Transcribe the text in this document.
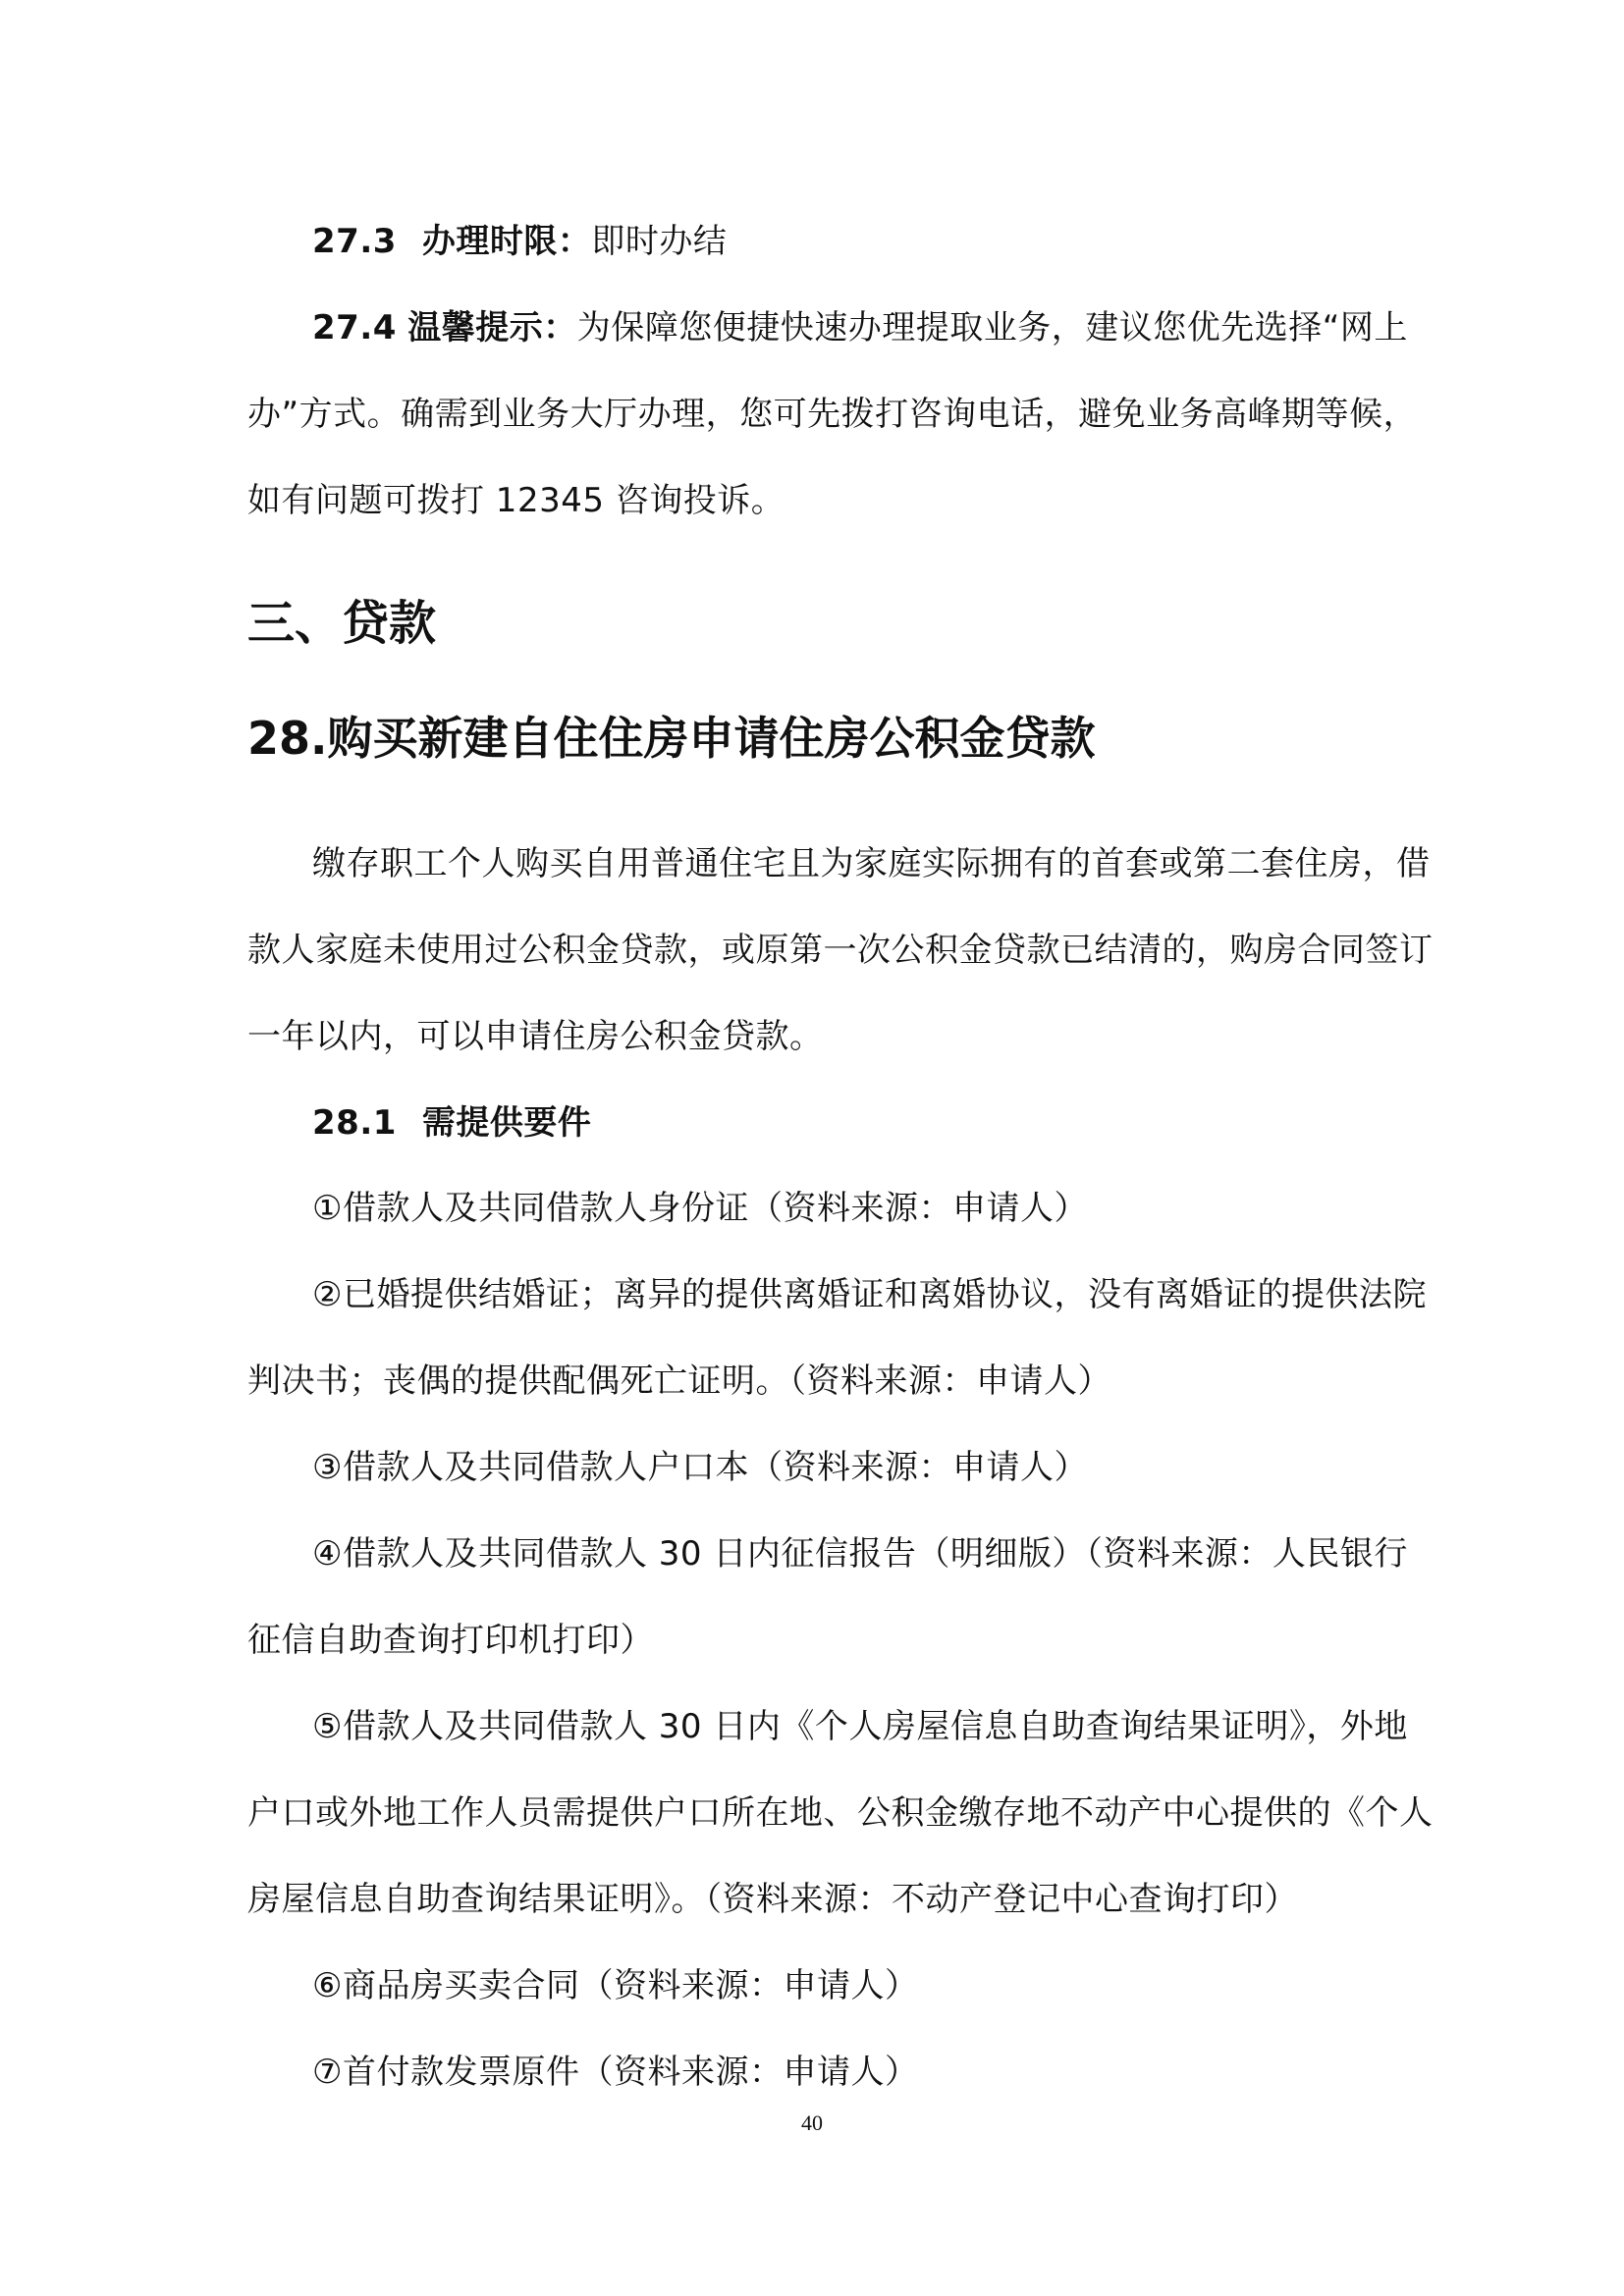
27.3 办理时限：即时办结
27.4 温馨提示：为保障您便捷快速办理提取业务，建议您优先选择“网上
办”方式。确需到业务大厅办理，您可先拨打咨询电话，避免业务高峰期等候，
如有问题可拨打 12345 咨询投诉。
三、贷款
28.购买新建自住住房申请住房公积金贷款
缴存职工个人购买自用普通住宅且为家庭实际拥有的首套或第二套住房，借
款人家庭未使用过公积金贷款，或原第一次公积金贷款已结清的，购房合同签订
一年以内，可以申请住房公积金贷款。
28.1 需提供要件
①借款人及共同借款人身份证（资料来源：申请人）
②已婚提供结婚证；离异的提供离婚证和离婚协议，没有离婚证的提供法院
判决书；丧偶的提供配偶死亡证明。（资料来源：申请人）
③借款人及共同借款人户口本（资料来源：申请人）
④借款人及共同借款人 30 日内征信报告（明细版）（资料来源：人民银行
征信自助查询打印机打印）
⑤借款人及共同借款人 30 日内《个人房屋信息自助查询结果证明》，外地
户口或外地工作人员需提供户口所在地、公积金缴存地不动产中心提供的《个人
房屋信息自助查询结果证明》。（资料来源：不动产登记中心查询打印）
⑥商品房买卖合同（资料来源：申请人）
⑦首付款发票原件（资料来源：申请人）
40
